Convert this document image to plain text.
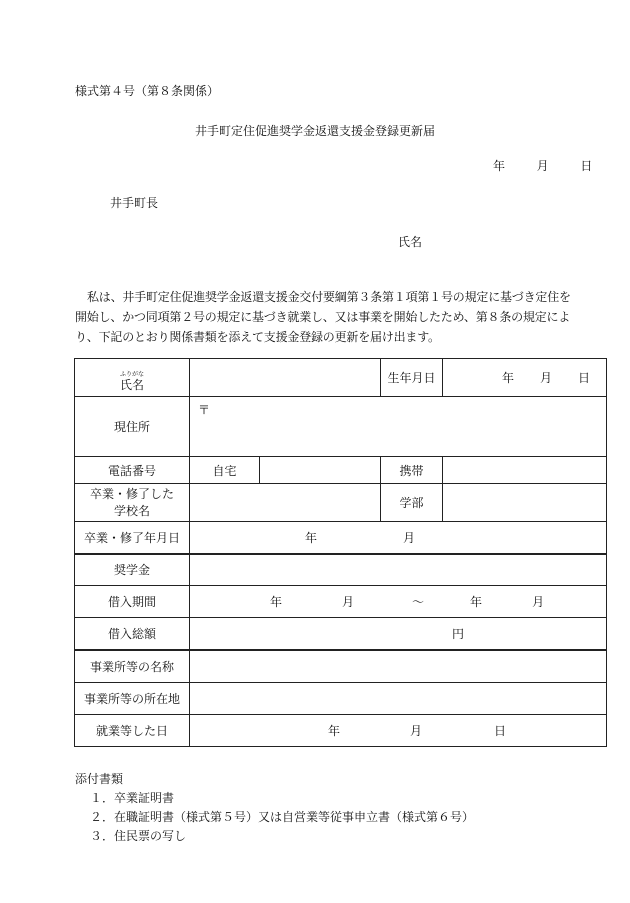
様式第４号（第８条関係）
井手町定住促進奨学金返還支援金登録更新届
年	月	日
井手町長
氏名
私は、井手町定住促進奨学金返還支援金交付要綱第３条第１項第１号の規定に基づき定住を開始し、かつ同項第２号の規定に基づき就業し、又は事業を開始したため、第８条の規定により、下記のとおり関係書類を添えて支援金登録の更新を届け出ます。
ふりがな
氏名			生年月日	年 月 日
現住所	〒			
電話番号	自宅		携帯	

卒業・修了した
学校名			学部	
卒業・修了年月日	年 月			
奨学金				
借入期間	年 月 ～ 年 月			
借入総額	円			
事業所等の名称				
事業所等の所在地				
就業等した日	年 月 日			
添付書類
１．卒業証明書
２．在職証明書（様式第５号）又は自営業等従事申立書（様式第６号）
３．住民票の写し
